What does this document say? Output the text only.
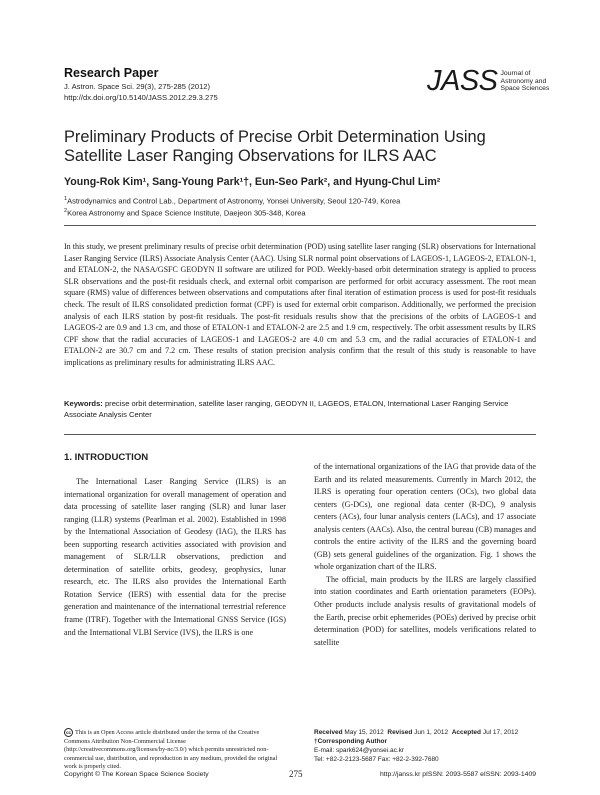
Research Paper
J. Astron. Space Sci. 29(3), 275-285 (2012)
http://dx.doi.org/10.5140/JASS.2012.29.3.275	JASS Journal of
Astronomy and
Space Sciences
Preliminary Products of Precise Orbit Determination Using Satellite Laser Ranging Observations for ILRS AAC
Young-Rok Kim¹, Sang-Young Park¹†, Eun-Seo Park², and Hyung-Chul Lim²
$^1$Astrodynamics and Control Lab., Department of Astronomy, Yonsei University, Seoul 120-749, Korea
$^2$Korea Astronomy and Space Science Institute, Daejeon 305-348, Korea
In this study, we present preliminary results of precise orbit determination (POD) using satellite laser ranging (SLR) observations for International Laser Ranging Service (ILRS) Associate Analysis Center (AAC). Using SLR normal point observations of LAGEOS-1, LAGEOS-2, ETALON-1, and ETALON-2, the NASA/GSFC GEODYN II software are utilized for POD. Weekly-based orbit determination strategy is applied to process SLR observations and the post-fit residuals check, and external orbit comparison are performed for orbit accuracy assessment. The root mean square (RMS) value of differences between observations and computations after final iteration of estimation process is used for post-fit residuals check. The result of ILRS consolidated prediction format (CPF) is used for external orbit comparison. Additionally, we performed the precision analysis of each ILRS station by post-fit residuals. The post-fit residuals results show that the precisions of the orbits of LAGEOS-1 and LAGEOS-2 are 0.9 and 1.3 cm, and those of ETALON-1 and ETALON-2 are 2.5 and 1.9 cm, respectively. The orbit assessment results by ILRS CPF show that the radial accuracies of LAGEOS-1 and LAGEOS-2 are 4.0 cm and 5.3 cm, and the radial accuracies of ETALON-1 and ETALON-2 are 30.7 cm and 7.2 cm. These results of station precision analysis confirm that the result of this study is reasonable to have implications as preliminary results for administrating ILRS AAC.
Keywords: precise orbit determination, satellite laser ranging, GEODYN II, LAGEOS, ETALON, International Laser Ranging Service Associate Analysis Center
1. INTRODUCTION

The International Laser Ranging Service (ILRS) is an international organization for overall management of operation and data processing of satellite laser ranging (SLR) and lunar laser ranging (LLR) systems (Pearlman et al. 2002). Established in 1998 by the International Association of Geodesy (IAG), the ILRS has been supporting research activities associated with provision and management of SLR/LLR observations, prediction and determination of satellite orbits, geodesy, geophysics, lunar research, etc. The ILRS also provides the International Earth Rotation Service (IERS) with essential data for the precise generation and maintenance of the international terrestrial reference frame (ITRF). Together with the International GNSS Service (IGS) and the International VLBI Service (IVS), the ILRS is one

of the international organizations of the IAG that provide data of the Earth and its related measurements. Currently in March 2012, the ILRS is operating four operation centers (OCs), two global data centers (G-DCs), one regional data center (R-DC), 9 analysis centers (ACs), four lunar analysis centers (LACs), and 17 associate analysis centers (AACs). Also, the central bureau (CB) manages and controls the entire activity of the ILRS and the governing board (GB) sets general guidelines of the organization. Fig. 1 shows the whole organization chart of the ILRS.

The official, main products by the ILRS are largely classified into station coordinates and Earth orientation parameters (EOPs). Other products include analysis results of gravitational models of the Earth, precise orbit ephemerides (POEs) derived by precise orbit determination (POD) for satellites, models verifications related to satellite

cc This is an Open Access article distributed under the terms of the Creative Commons Attribution Non-Commercial License (http://creativecommons.org/licenses/by-nc/3.0/) which permits unrestricted non-commercial use, distribution, and reproduction in any medium, provided the original work is properly cited.
Received May 15, 2012 Revised Jun 1, 2012 Accepted Jul 17, 2012
†Corresponding Author
E-mail: spark624@yonsei.ac.kr
Tel: +82-2-2123-5687 Fax: +82-2-392-7680
Copyright © The Korean Space Science Society	275	http://janss.kr pISSN: 2093-5587 eISSN: 2093-1409
